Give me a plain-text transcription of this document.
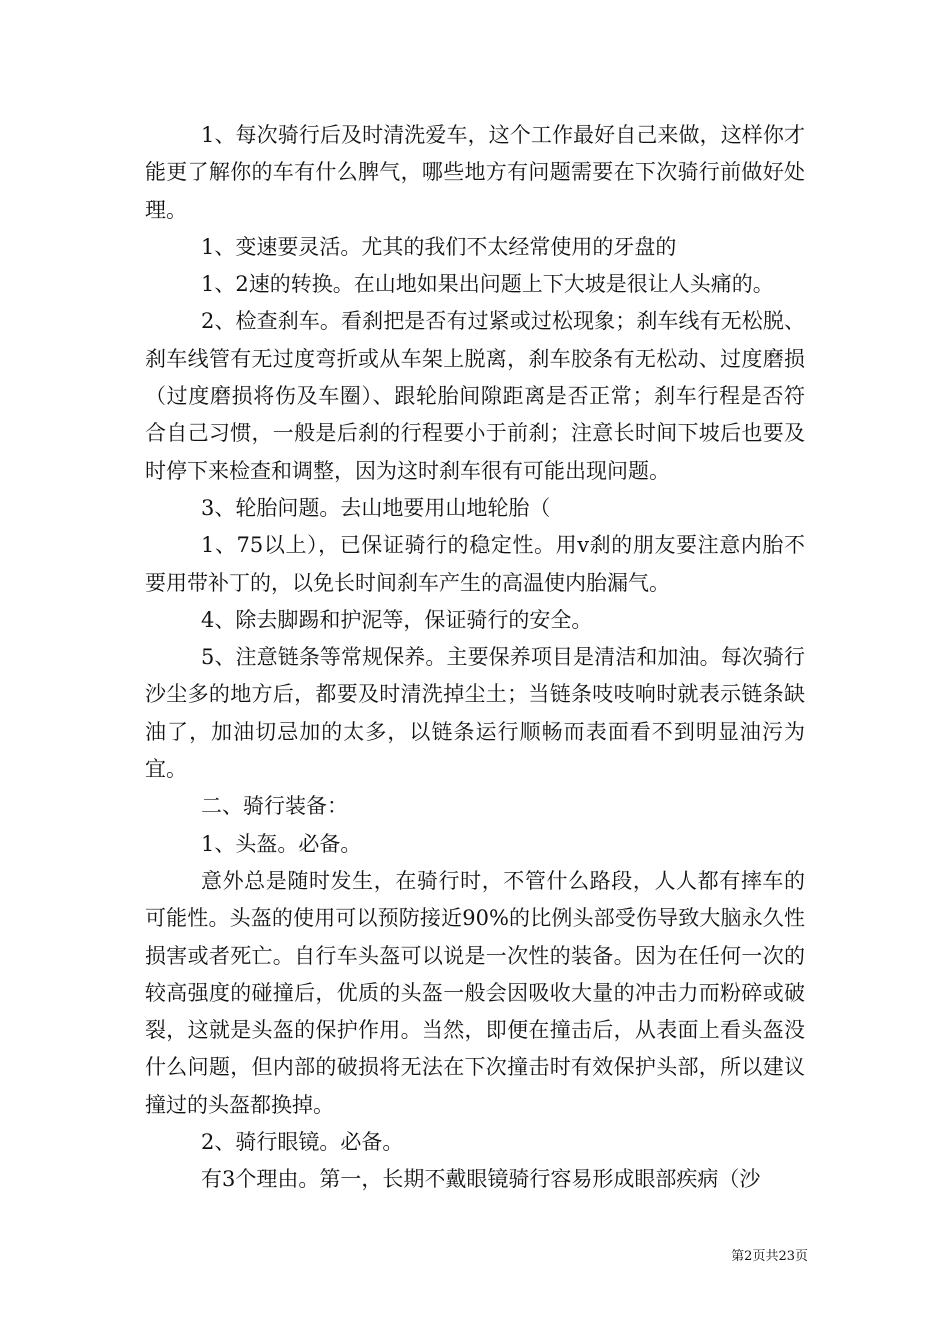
1、每次骑行后及时清洗爱车，这个工作最好自己来做，这样你才能更了解你的车有什么脾气，哪些地方有问题需要在下次骑行前做好处理。

1、变速要灵活。尤其的我们不太经常使用的牙盘的

1、2速的转换。在山地如果出问题上下大坡是很让人头痛的。

2、检查刹车。看刹把是否有过紧或过松现象；刹车线有无松脱、刹车线管有无过度弯折或从车架上脱离，刹车胶条有无松动、过度磨损（过度磨损将伤及车圈）、跟轮胎间隙距离是否正常；刹车行程是否符合自己习惯，一般是后刹的行程要小于前刹；注意长时间下坡后也要及时停下来检查和调整，因为这时刹车很有可能出现问题。

3、轮胎问题。去山地要用山地轮胎（

1、75以上），已保证骑行的稳定性。用v刹的朋友要注意内胎不要用带补丁的，以免长时间刹车产生的高温使内胎漏气。

4、除去脚踢和护泥等，保证骑行的安全。

5、注意链条等常规保养。主要保养项目是清洁和加油。每次骑行沙尘多的地方后，都要及时清洗掉尘土；当链条吱吱响时就表示链条缺油了，加油切忌加的太多，以链条运行顺畅而表面看不到明显油污为宜。

二、骑行装备：

1、头盔。必备。

意外总是随时发生，在骑行时，不管什么路段，人人都有摔车的可能性。头盔的使用可以预防接近90%的比例头部受伤导致大脑永久性损害或者死亡。自行车头盔可以说是一次性的装备。因为在任何一次的较高强度的碰撞后，优质的头盔一般会因吸收大量的冲击力而粉碎或破裂，这就是头盔的保护作用。当然，即便在撞击后，从表面上看头盔没什么问题，但内部的破损将无法在下次撞击时有效保护头部，所以建议撞过的头盔都换掉。

2、骑行眼镜。必备。

有3个理由。第一，长期不戴眼镜骑行容易形成眼部疾病（沙

第2页共23页
